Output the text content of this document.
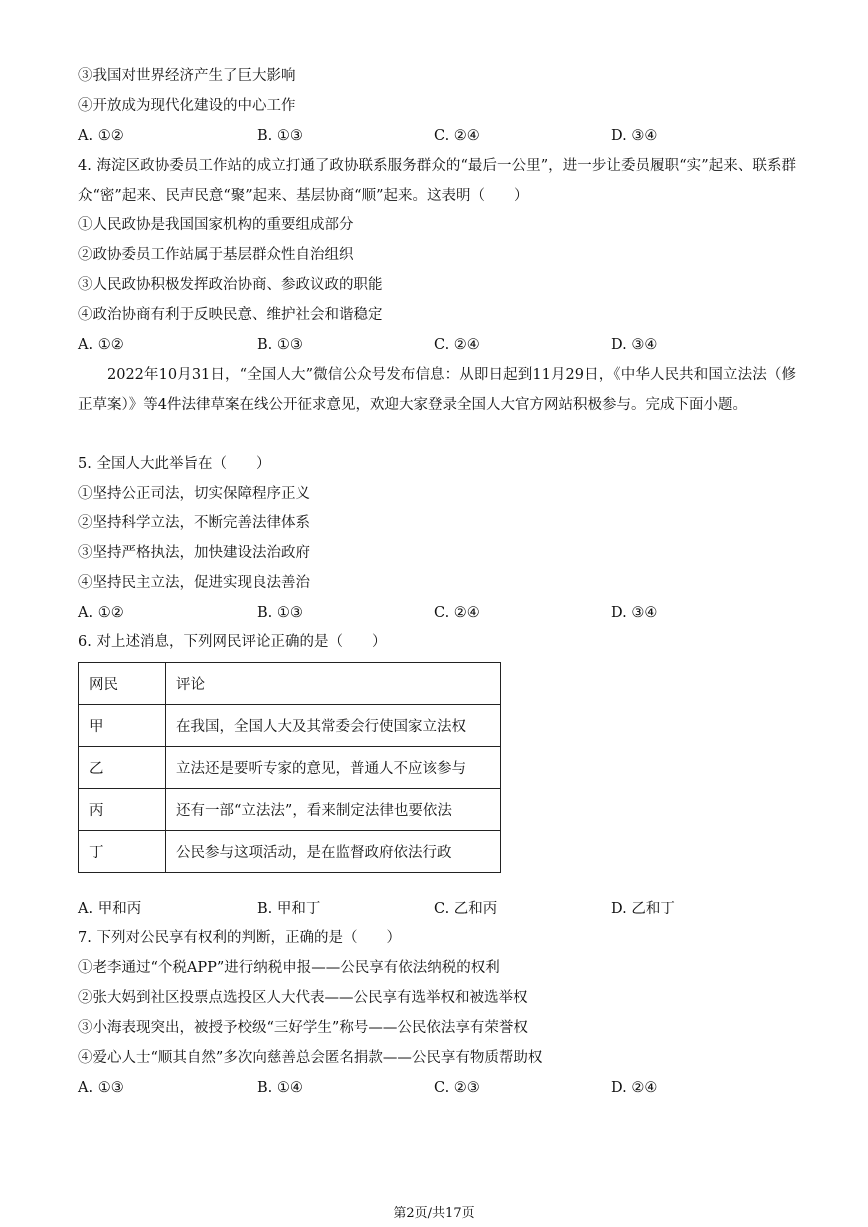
③我国对世界经济产生了巨大影响
④开放成为现代化建设的中心工作
A. ①②	B. ①③	C. ②④	D. ③④
4. 海淀区政协委员工作站的成立打通了政协联系服务群众的“最后一公里”，进一步让委员履职“实”起来、联系群众“密”起来、民声民意“聚”起来、基层协商“顺”起来。这表明（　　）
①人民政协是我国国家机构的重要组成部分
②政协委员工作站属于基层群众性自治组织
③人民政协积极发挥政治协商、参政议政的职能
④政治协商有利于反映民意、维护社会和谐稳定
A. ①②	B. ①③	C. ②④	D. ③④
2022年10月31日，“全国人大”微信公众号发布信息：从即日起到11月29日，《中华人民共和国立法法（修正草案）》等4件法律草案在线公开征求意见，欢迎大家登录全国人大官方网站积极参与。完成下面小题。
5. 全国人大此举旨在（　　）
①坚持公正司法，切实保障程序正义
②坚持科学立法，不断完善法律体系
③坚持严格执法，加快建设法治政府
④坚持民主立法，促进实现良法善治
A. ①②	B. ①③	C. ②④	D. ③④
6. 对上述消息，下列网民评论正确的是（　　）
网民	评论
甲	在我国，全国人大及其常委会行使国家立法权
乙	立法还是要听专家的意见，普通人不应该参与
丙	还有一部“立法法”，看来制定法律也要依法
丁	公民参与这项活动，是在监督政府依法行政
A. 甲和丙	B. 甲和丁	C. 乙和丙	D. 乙和丁
7. 下列对公民享有权利的判断，正确的是（　　）
①老李通过“个税APP”进行纳税申报——公民享有依法纳税的权利
②张大妈到社区投票点选投区人大代表——公民享有选举权和被选举权
③小海表现突出，被授予校级“三好学生”称号——公民依法享有荣誉权
④爱心人士“顺其自然”多次向慈善总会匿名捐款——公民享有物质帮助权
A. ①③	B. ①④	C. ②③	D. ②④
第2页/共17页
